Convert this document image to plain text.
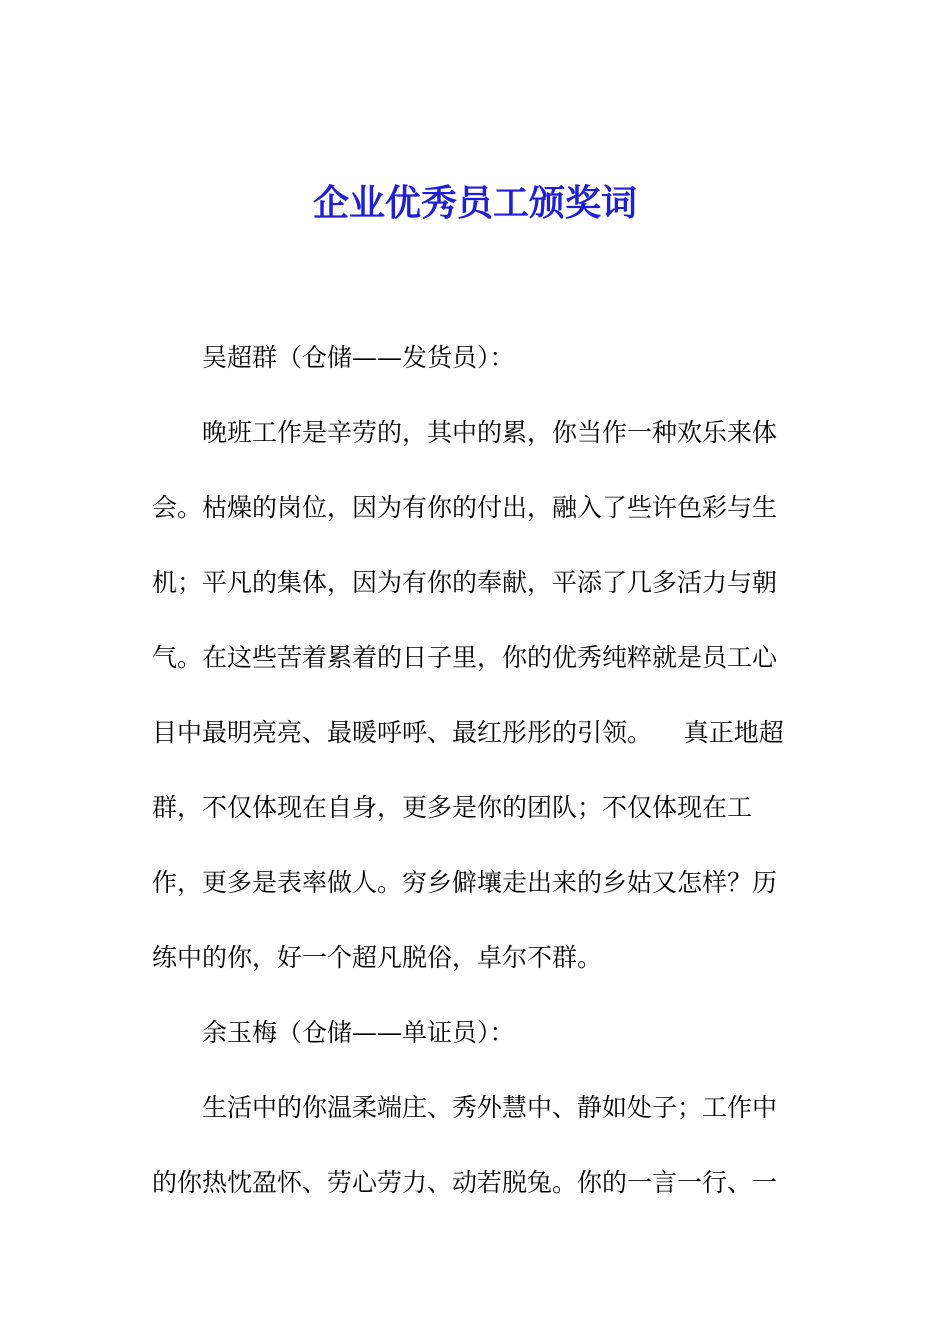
企业优秀员工颁奖词
吴超群（仓储——发货员）：
晚班工作是辛劳的，其中的累，你当作一种欢乐来体
会。枯燥的岗位，因为有你的付出，融入了些许色彩与生
机；平凡的集体，因为有你的奉献，平添了几多活力与朝
气。在这些苦着累着的日子里，你的优秀纯粹就是员工心
目中最明亮亮、最暖呼呼、最红彤彤的引领。    真正地超
群，不仅体现在自身，更多是你的团队；不仅体现在工
作，更多是表率做人。穷乡僻壤走出来的乡姑又怎样？历
练中的你，好一个超凡脱俗，卓尔不群。
余玉梅（仓储——单证员）：
生活中的你温柔端庄、秀外慧中、静如处子；工作中
的你热忱盈怀、劳心劳力、动若脱兔。你的一言一行、一
